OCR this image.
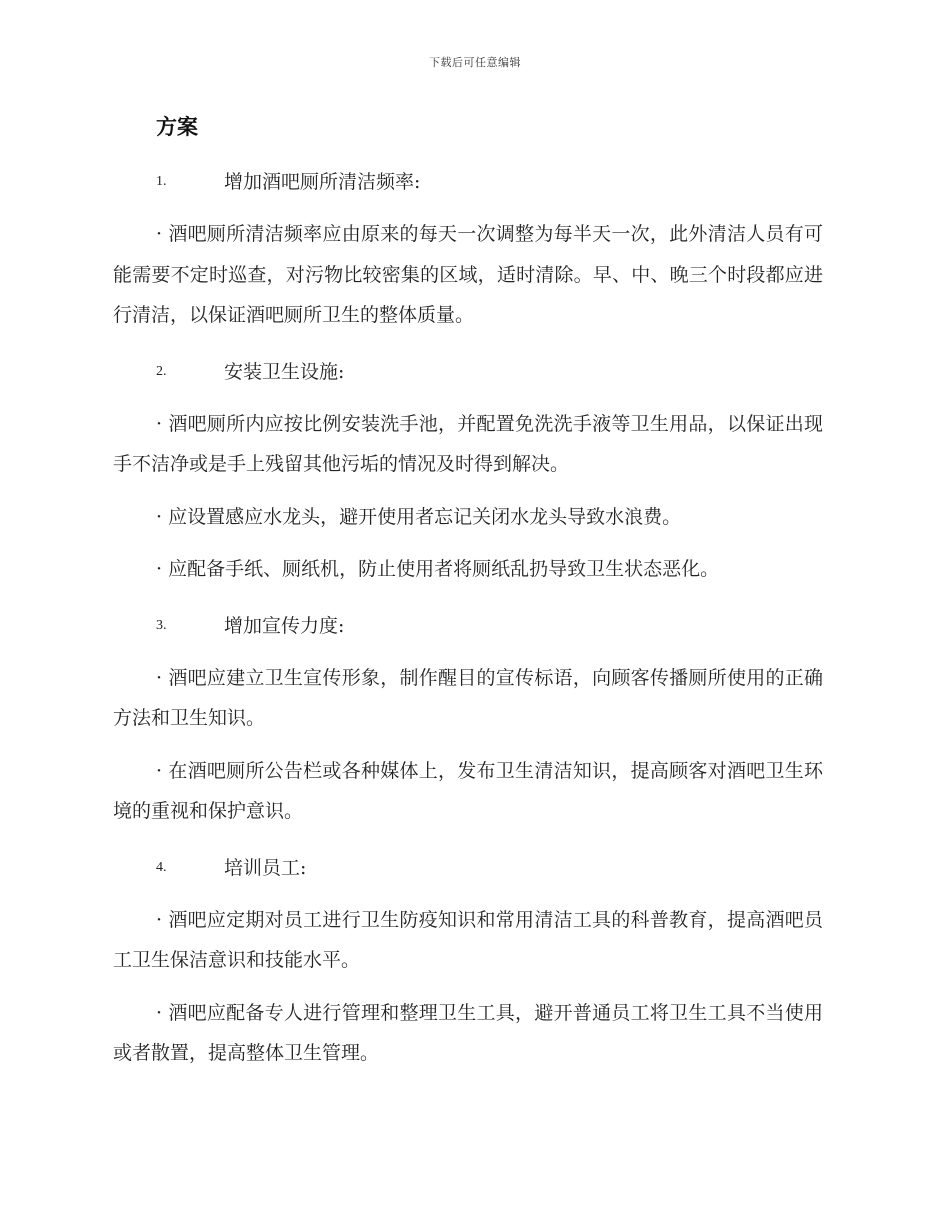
下载后可任意编辑
方案
1.	增加酒吧厕所清洁频率:

· 酒吧厕所清洁频率应由原来的每天一次调整为每半天一次，此外清洁人员有可能需要不定时巡查，对污物比较密集的区域，适时清除。早、中、晚三个时段都应进行清洁，以保证酒吧厕所卫生的整体质量。

2.	安装卫生设施:

· 酒吧厕所内应按比例安装洗手池，并配置免洗洗手液等卫生用品，以保证出现手不洁净或是手上残留其他污垢的情况及时得到解决。

· 应设置感应水龙头，避开使用者忘记关闭水龙头导致水浪费。

· 应配备手纸、厕纸机，防止使用者将厕纸乱扔导致卫生状态恶化。

3.	增加宣传力度:

· 酒吧应建立卫生宣传形象，制作醒目的宣传标语，向顾客传播厕所使用的正确方法和卫生知识。

· 在酒吧厕所公告栏或各种媒体上，发布卫生清洁知识，提高顾客对酒吧卫生环境的重视和保护意识。

4.	培训员工:

· 酒吧应定期对员工进行卫生防疫知识和常用清洁工具的科普教育，提高酒吧员工卫生保洁意识和技能水平。

· 酒吧应配备专人进行管理和整理卫生工具，避开普通员工将卫生工具不当使用或者散置，提高整体卫生管理。
